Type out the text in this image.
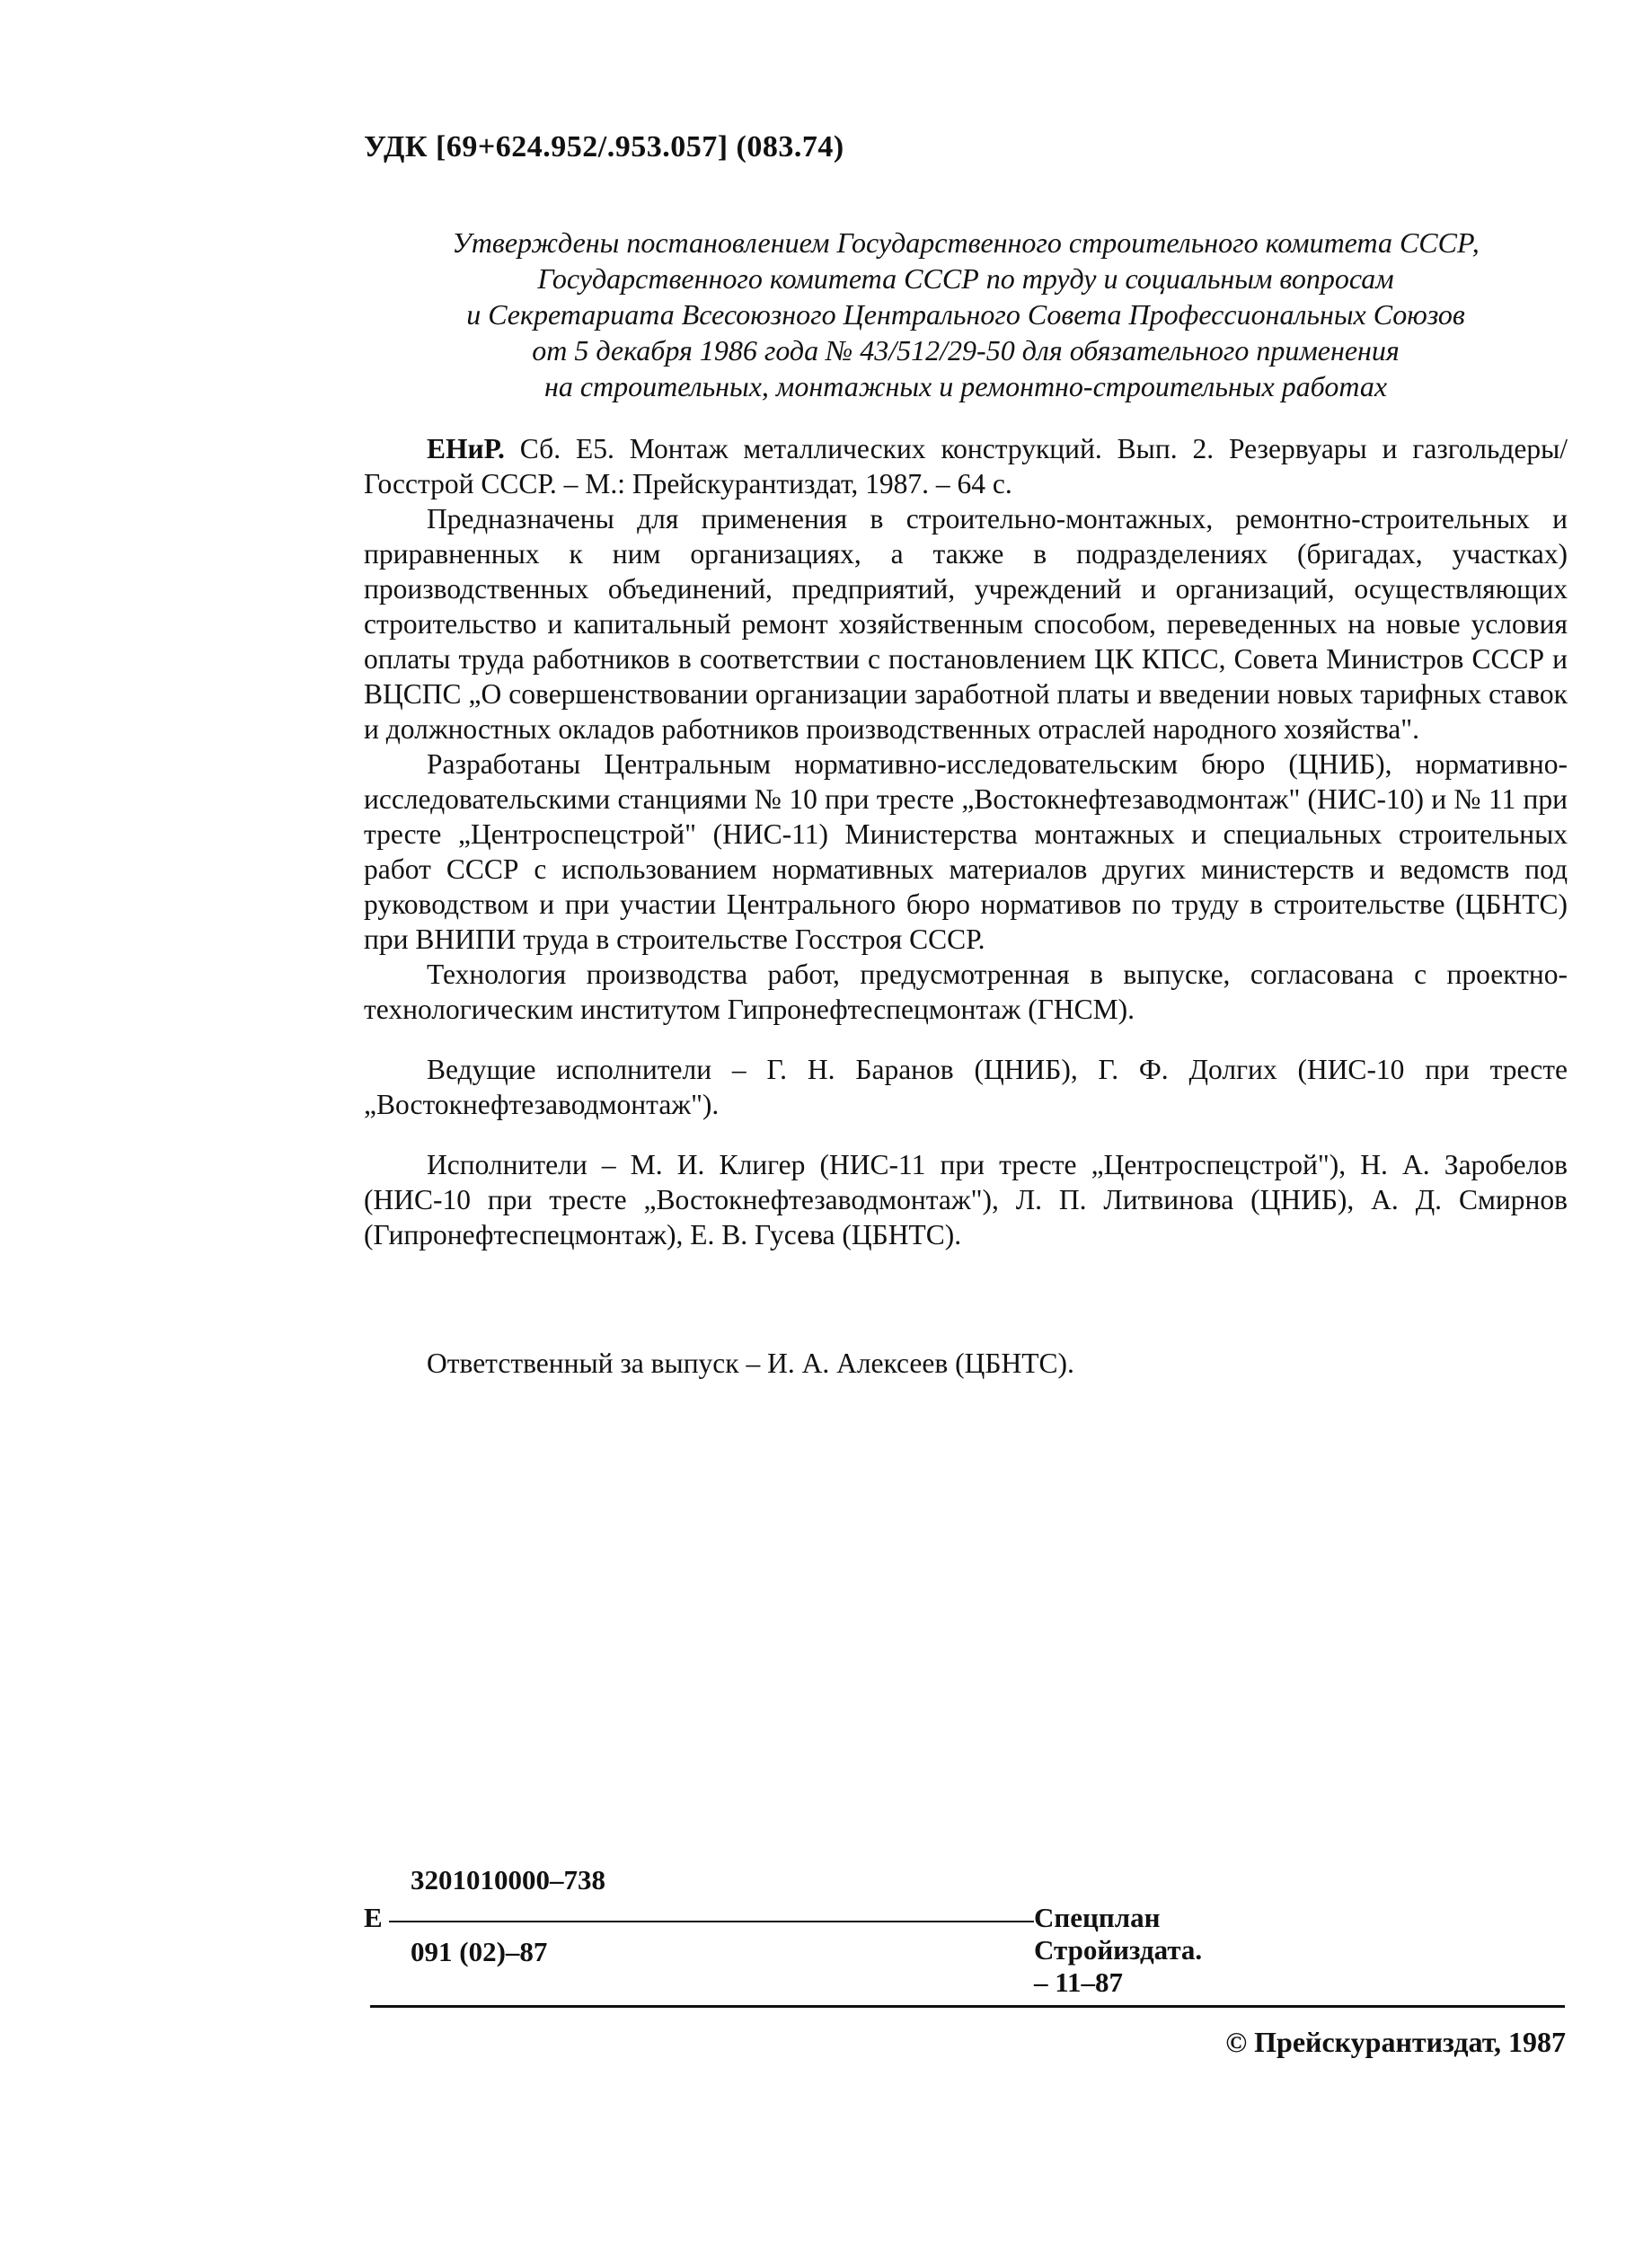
УДК [69+624.952/.953.057] (083.74)
Утверждены постановлением Государственного строительного комитета СССР,
Государственного комитета СССР по труду и социальным вопросам
и Секретариата Всесоюзного Центрального Совета Профессиональных Союзов
от 5 декабря 1986 года № 43/512/29-50 для обязательного применения
на строительных, монтажных и ремонтно-строительных работах

ЕНиР. Сб. Е5. Монтаж металлических конструкций. Вып. 2. Резервуары и газгольдеры/Госстрой СССР. – М.: Прейскурантиздат, 1987. – 64 с.

Предназначены для применения в строительно-монтажных, ремонтно-строительных и приравненных к ним организациях, а также в подразделениях (бригадах, участках) производственных объединений, предприятий, учреждений и организаций, осуществляющих строительство и капитальный ремонт хозяйственным способом, переведенных на новые условия оплаты труда работников в соответствии с постановлением ЦК КПСС, Совета Министров СССР и ВЦСПС „О совершенствовании организации заработной платы и введении новых тарифных ставок и должностных окладов работников производственных отраслей народного хозяйства".

Разработаны Центральным нормативно-исследовательским бюро (ЦНИБ), нормативно-исследовательскими станциями № 10 при тресте „Востокнефтезаводмонтаж" (НИС-10) и № 11 при тресте „Центроспецстрой" (НИС-11) Министерства монтажных и специальных строительных работ СССР с использованием нормативных материалов других министерств и ведомств под руководством и при участии Центрального бюро нормативов по труду в строительстве (ЦБНТС) при ВНИПИ труда в строительстве Госстроя СССР.

Технология производства работ, предусмотренная в выпуске, согласована с проектно-технологическим институтом Гипронефтеспецмонтаж (ГНСМ).

Ведущие исполнители – Г. Н. Баранов (ЦНИБ), Г. Ф. Долгих (НИС-10 при тресте „Востокнефтезаводмонтаж").

Исполнители – М. И. Клигер (НИС-11 при тресте „Центроспецстрой"), Н. А. Заробелов (НИС-10 при тресте „Востокнефтезаводмонтаж"), Л. П. Литвинова (ЦНИБ), А. Д. Смирнов (Гипронефтеспецмонтаж), Е. В. Гусева (ЦБНТС).

Ответственный за выпуск – И. А. Алексеев (ЦБНТС).
Е
3201010000–738
091 (02)–87
Спецплан Стройиздата. – 11–87
© Прейскурантиздат, 1987
